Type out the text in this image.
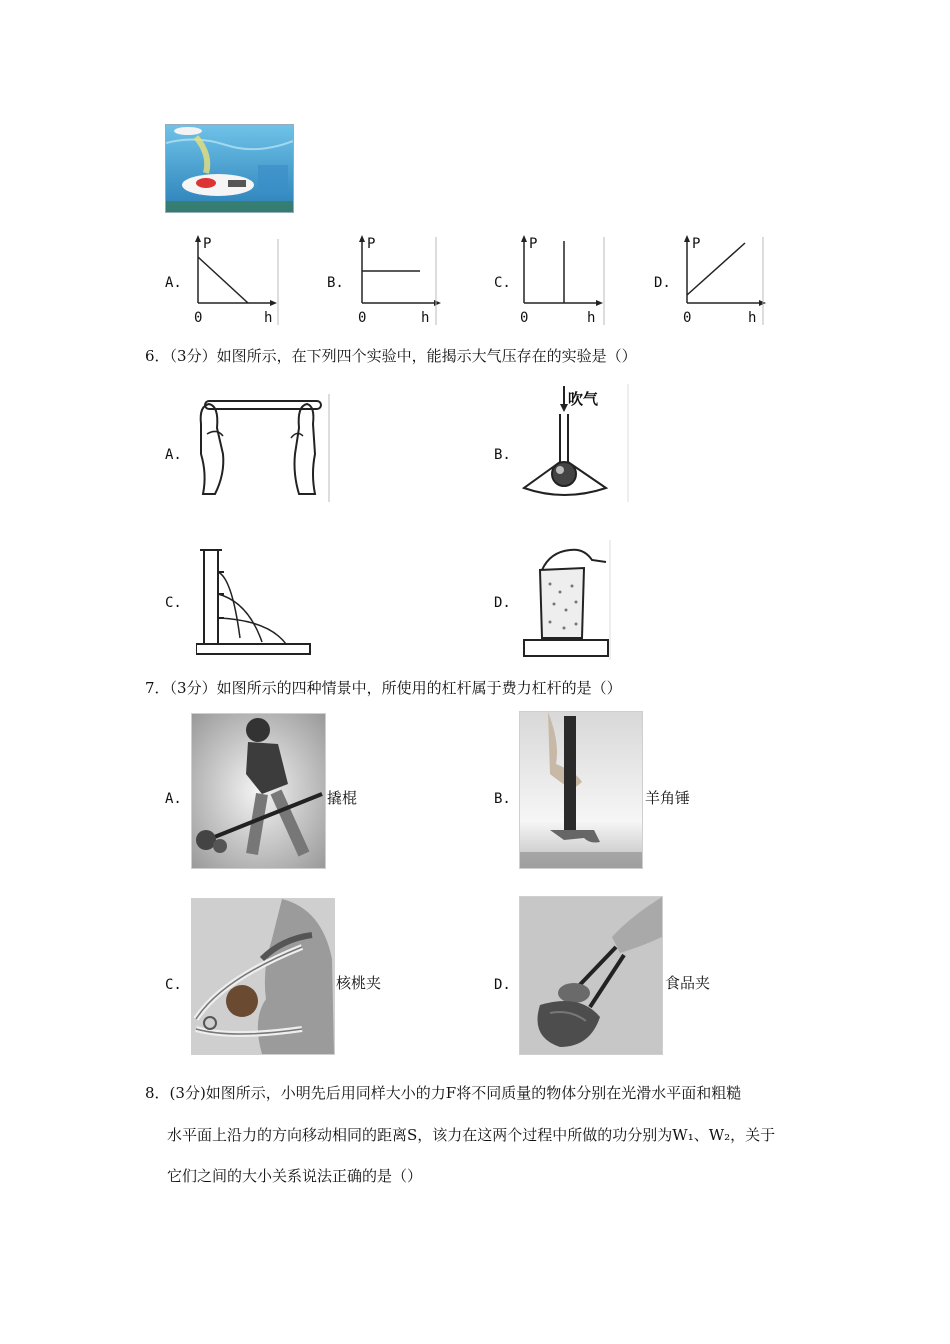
A.
P
0	h
B.
P
0	h
C.
P
0	h
D.
P
0	h
6．（3分）如图所示，在下列四个实验中，能揭示大气压存在的实验是（）
A.	B.
吹气
C.	D.
7．（3分）如图所示的四种情景中，所使用的杠杆属于费力杠杆的是（）
A.	撬棍	B.	羊角锤
C.	核桃夹	D.	食品夹
8．(3分)如图所示，小明先后用同样大小的力F将不同质量的物体分别在光滑水平面和粗糙
水平面上沿力的方向移动相同的距离S，该力在这两个过程中所做的功分别为W₁、W₂，关于
它们之间的大小关系说法正确的是（）
